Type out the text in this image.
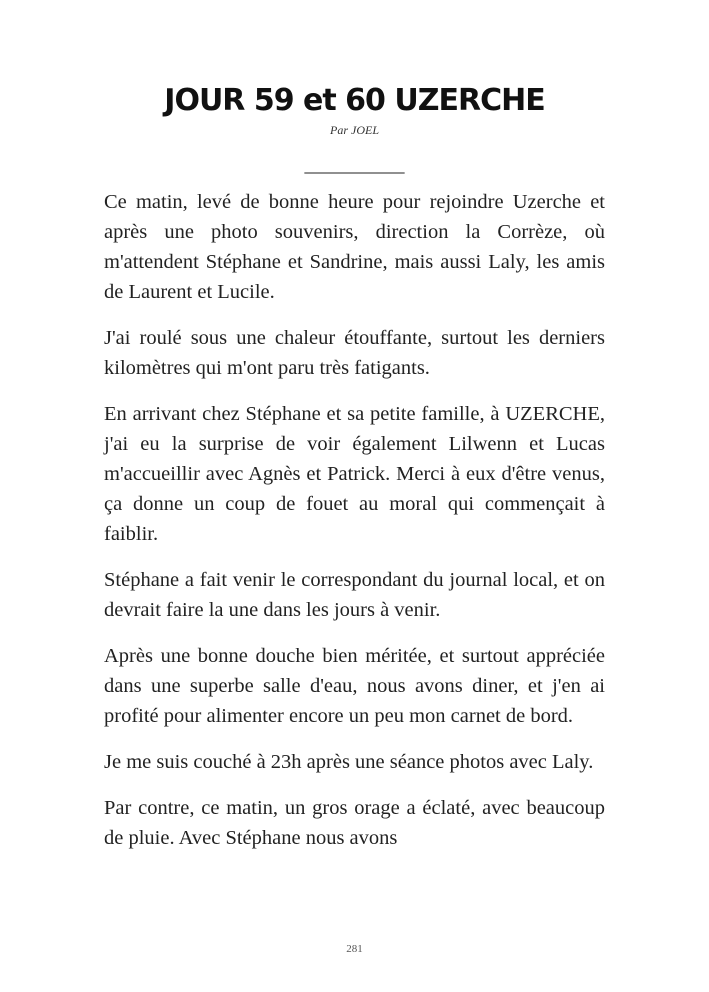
JOUR 59 et 60 UZERCHE
Par JOEL
__________

Ce matin, levé de bonne heure pour rejoindre Uzerche et après une photo souvenirs, direction la Corrèze, où m'attendent Stéphane et Sandrine, mais aussi Laly, les amis de Laurent et Lucile.

J'ai roulé sous une chaleur étouffante, surtout les derniers kilomètres qui m'ont paru très fatigants.

En arrivant chez Stéphane et sa petite famille, à UZERCHE, j'ai eu la surprise de voir également Lilwenn et Lucas m'accueillir avec Agnès et Patrick. Merci à eux d'être venus, ça donne un coup de fouet au moral qui commençait à faiblir.

Stéphane a fait venir le correspondant du journal local, et on devrait faire la une dans les jours à venir.

Après une bonne douche bien méritée, et surtout appréciée dans une superbe salle d'eau, nous avons diner, et j'en ai profité pour alimenter encore un peu mon carnet de bord.

Je me suis couché à 23h après une séance photos avec Laly.

Par contre, ce matin, un gros orage a éclaté, avec beaucoup de pluie. Avec Stéphane nous avons

281
